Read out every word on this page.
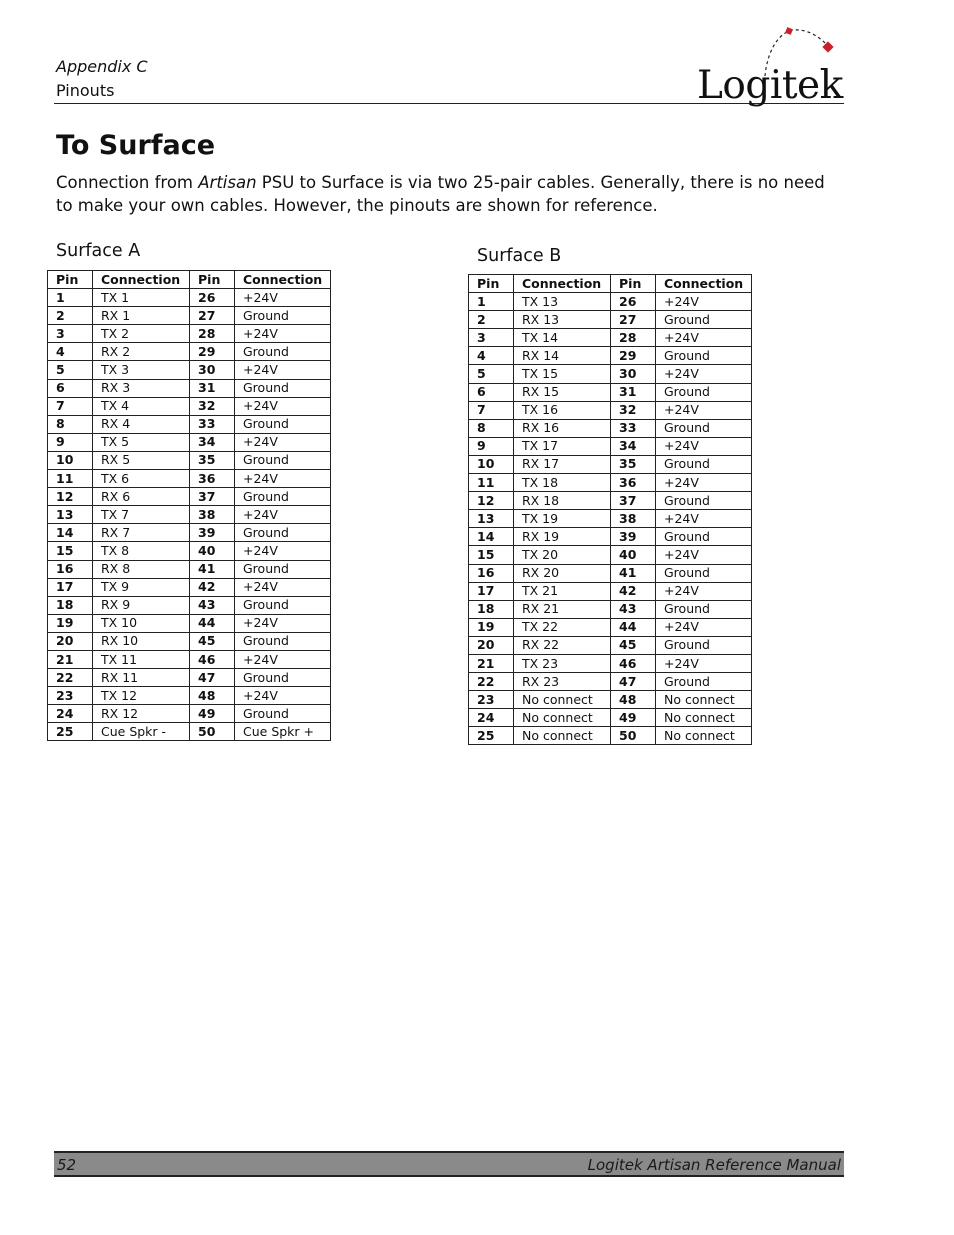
Appendix C
Pinouts	Logitek
To Surface

Connection from Artisan PSU to Surface is via two 25-pair cables. Generally, there is no need to make your own cables. However, the pinouts are shown for reference.

Surface A
Pin	Connection	Pin	Connection
1	TX 1	26	+24V
2	RX 1	27	Ground
3	TX 2	28	+24V
4	RX 2	29	Ground
5	TX 3	30	+24V
6	RX 3	31	Ground
7	TX 4	32	+24V
8	RX 4	33	Ground
9	TX 5	34	+24V
10	RX 5	35	Ground
11	TX 6	36	+24V
12	RX 6	37	Ground
13	TX 7	38	+24V
14	RX 7	39	Ground
15	TX 8	40	+24V
16	RX 8	41	Ground
17	TX 9	42	+24V
18	RX 9	43	Ground
19	TX 10	44	+24V
20	RX 10	45	Ground
21	TX 11	46	+24V
22	RX 11	47	Ground
23	TX 12	48	+24V
24	RX 12	49	Ground
25	Cue Spkr -	50	Cue Spkr +
Surface B
Pin	Connection	Pin	Connection
1	TX 13	26	+24V
2	RX 13	27	Ground
3	TX 14	28	+24V
4	RX 14	29	Ground
5	TX 15	30	+24V
6	RX 15	31	Ground
7	TX 16	32	+24V
8	RX 16	33	Ground
9	TX 17	34	+24V
10	RX 17	35	Ground
11	TX 18	36	+24V
12	RX 18	37	Ground
13	TX 19	38	+24V
14	RX 19	39	Ground
15	TX 20	40	+24V
16	RX 20	41	Ground
17	TX 21	42	+24V
18	RX 21	43	Ground
19	TX 22	44	+24V
20	RX 22	45	Ground
21	TX 23	46	+24V
22	RX 23	47	Ground
23	No connect	48	No connect
24	No connect	49	No connect
25	No connect	50	No connect
52	Logitek Artisan Reference Manual
